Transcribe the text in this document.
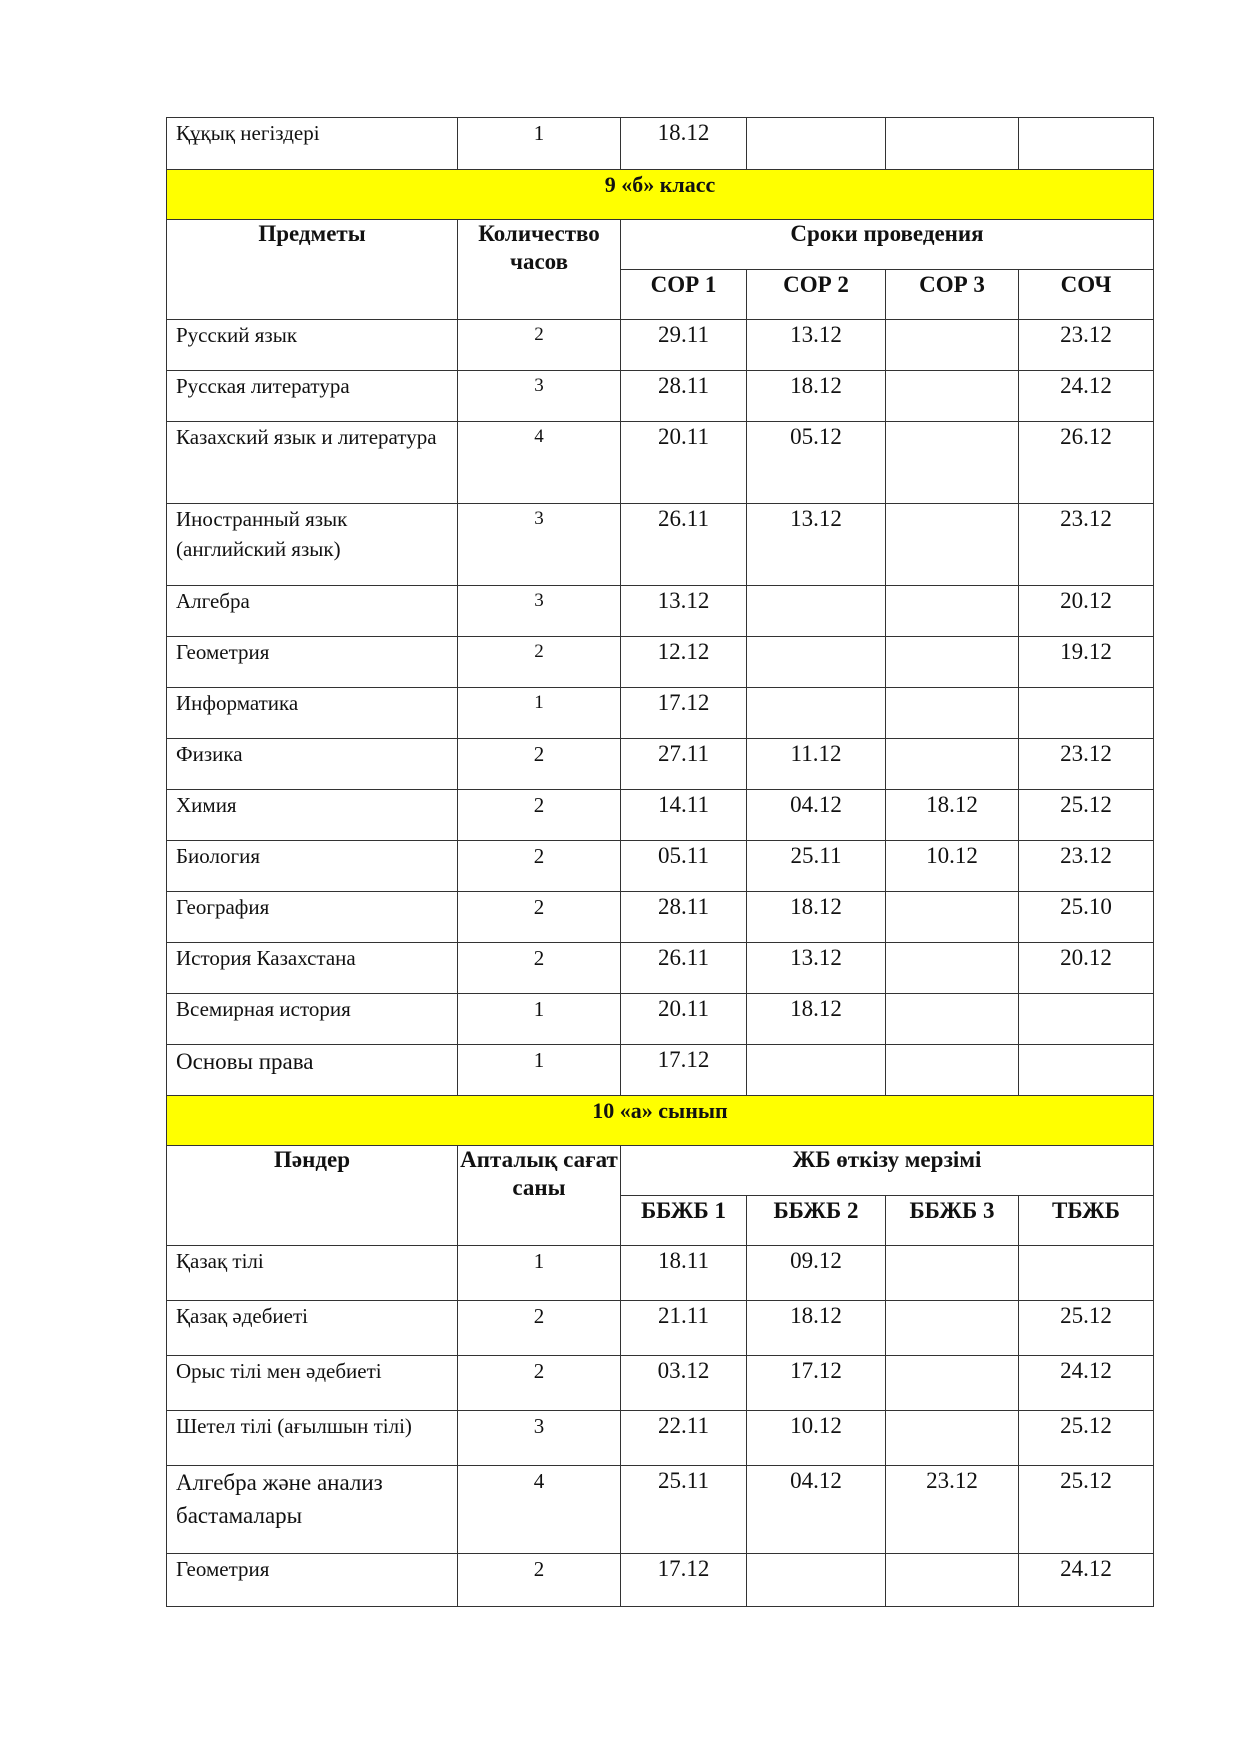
Құқық негіздері	1	18.12			
9 «б» класс					
Предметы	Количество часов	Сроки проведения			
		СОР 1	СОР 2	СОР 3	СОЧ
Русский язык	2	29.11	13.12		23.12
Русская литература	3	28.11	18.12		24.12
Казахский язык и литература	4	20.11	05.12		26.12
Иностранный язык (английский язык)	3	26.11	13.12		23.12
Алгебра	3	13.12			20.12
Геометрия	2	12.12			19.12
Информатика	1	17.12			
Физика	2	27.11	11.12		23.12
Химия	2	14.11	04.12	18.12	25.12
Биология	2	05.11	25.11	10.12	23.12
География	2	28.11	18.12		25.10
История Казахстана	2	26.11	13.12		20.12
Всемирная история	1	20.11	18.12		
Основы права	1	17.12			
10 «а» сынып					
Пәндер	Апталық сағат саны	ЖБ өткізу мерзімі			
		ББЖБ 1	ББЖБ 2	ББЖБ 3	ТБЖБ
Қазақ тілі	1	18.11	09.12		
Қазақ әдебиеті	2	21.11	18.12		25.12
Орыс тілі мен әдебиеті	2	03.12	17.12		24.12
Шетел тілі (ағылшын тілі)	3	22.11	10.12		25.12
Алгебра және анализ бастамалары	4	25.11	04.12	23.12	25.12
Геометрия	2	17.12			24.12
